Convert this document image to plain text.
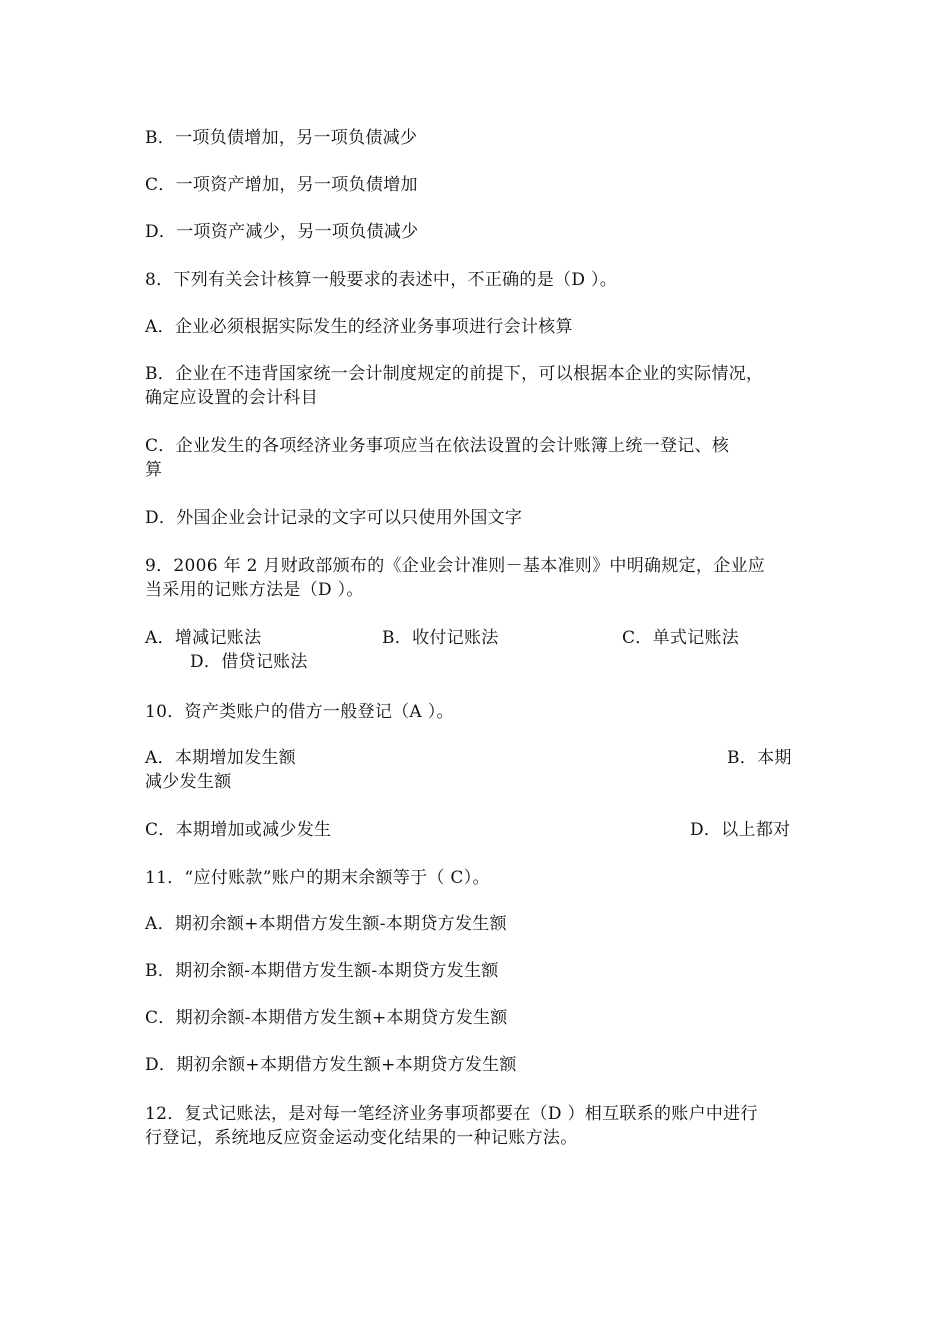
B．一项负债增加，另一项负债减少
C．一项资产增加，另一项负债增加
D．一项资产减少，另一项负债减少
8．下列有关会计核算一般要求的表述中，不正确的是（D ）。
A．企业必须根据实际发生的经济业务事项进行会计核算
B．企业在不违背国家统一会计制度规定的前提下，可以根据本企业的实际情况，
确定应设置的会计科目
C．企业发生的各项经济业务事项应当在依法设置的会计账簿上统一登记、核
算
D．外国企业会计记录的文字可以只使用外国文字
9．2006 年 2 月财政部颁布的《企业会计准则－基本准则》中明确规定，企业应
当采用的记账方法是（D ）。
A．增减记账法	B．收付记账法	C．单式记账法
D．借贷记账法
10．资产类账户的借方一般登记（A ）。
A．本期增加发生额	B．本期
减少发生额
C．本期增加或减少发生	D．以上都对
11．“应付账款”账户的期末余额等于（ C）。
A．期初余额+本期借方发生额-本期贷方发生额
B．期初余额-本期借方发生额-本期贷方发生额
C．期初余额-本期借方发生额+本期贷方发生额
D．期初余额+本期借方发生额+本期贷方发生额
12．复式记账法，是对每一笔经济业务事项都要在（D ）相互联系的账户中进行
行登记，系统地反应资金运动变化结果的一种记账方法。
